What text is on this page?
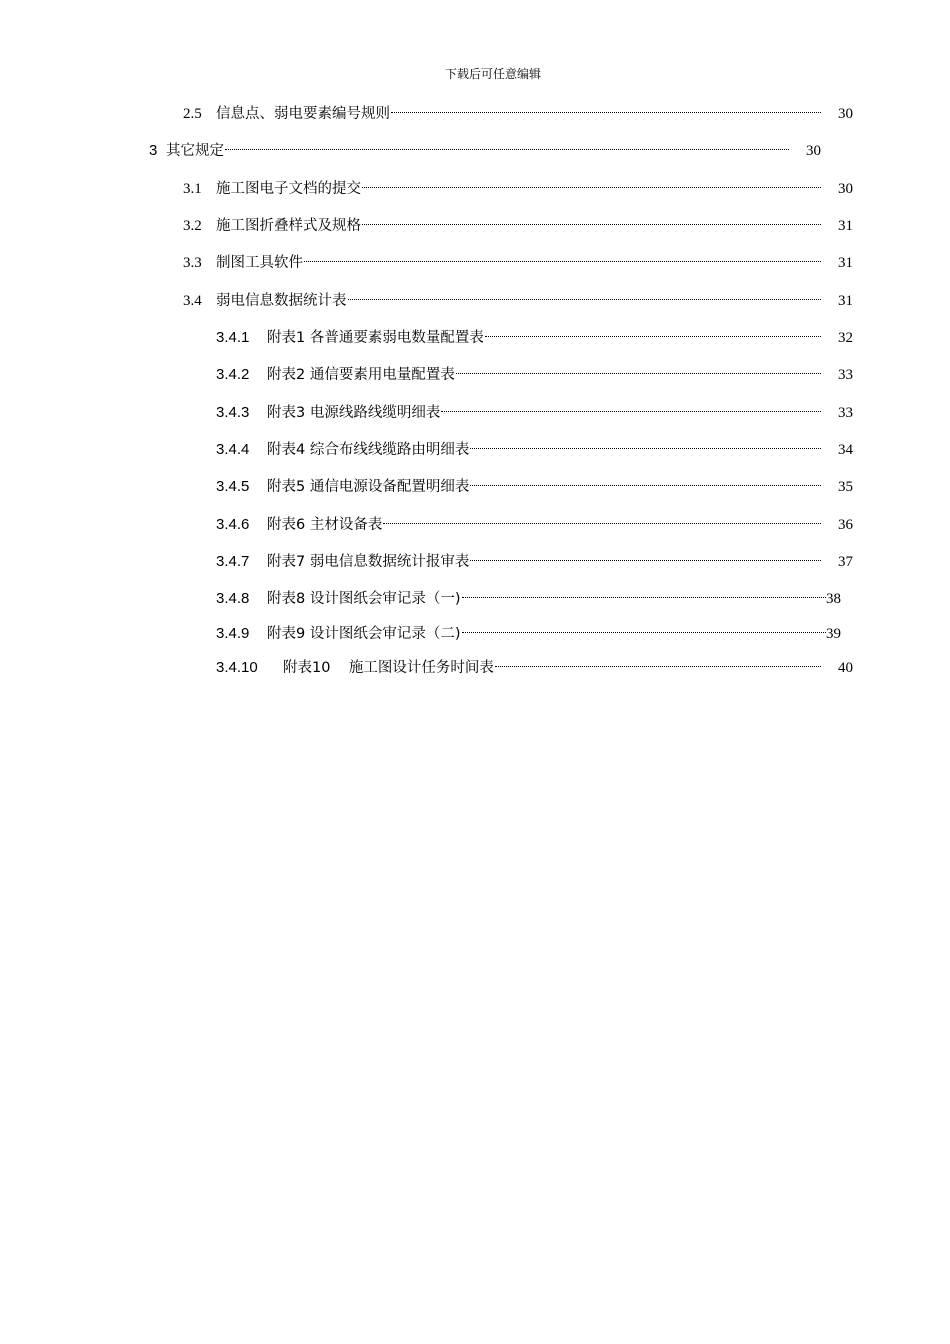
下载后可任意编辑
2.5 信息点、弱电要素编号规则	30
3 其它规定	30
3.1 施工图电子文档的提交	30
3.2 施工图折叠样式及规格	31
3.3 制图工具软件	31
3.4 弱电信息数据统计表	31
3.4.1	附表1 各普通要素弱电数量配置表	32
3.4.2	附表2 通信要素用电量配置表	33
3.4.3	附表3 电源线路线缆明细表	33
3.4.4	附表4 综合布线线缆路由明细表	34
3.4.5	附表5 通信电源设备配置明细表	35
3.4.6	附表6 主材设备表	36
3.4.7	附表7 弱电信息数据统计报审表	37
3.4.8	附表8 设计图纸会审记录（一)	38
3.4.9	附表9 设计图纸会审记录（二)	39
3.4.10	附表10    施工图设计任务时间表	40
